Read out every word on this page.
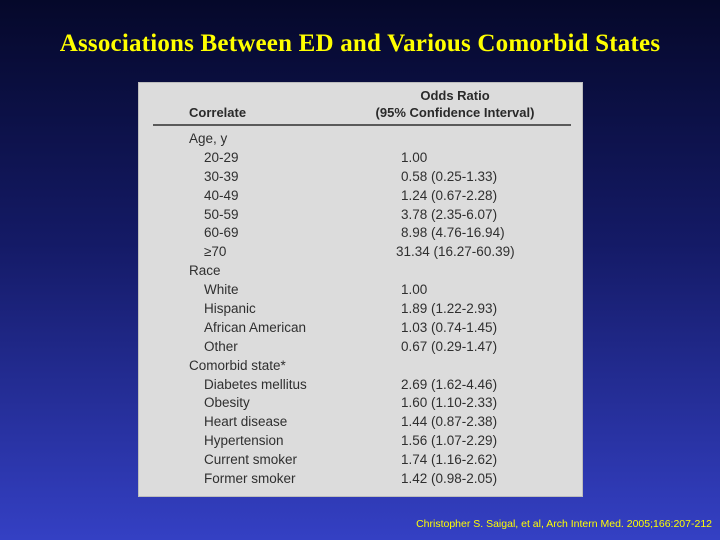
Associations Between ED and Various Comorbid States
Correlate
Odds Ratio
(95% Confidence Interval)
Age, y
20-29	1.00
30-39	0.58 (0.25-1.33)
40-49	1.24 (0.67-2.28)
50-59	3.78 (2.35-6.07)
60-69	8.98 (4.76-16.94)
≥70	31.34 (16.27-60.39)
Race
White	1.00
Hispanic	1.89 (1.22-2.93)
African American	1.03 (0.74-1.45)
Other	0.67 (0.29-1.47)
Comorbid state*
Diabetes mellitus	2.69 (1.62-4.46)
Obesity	1.60 (1.10-2.33)
Heart disease	1.44 (0.87-2.38)
Hypertension	1.56 (1.07-2.29)
Current smoker	1.74 (1.16-2.62)
Former smoker	1.42 (0.98-2.05)
Christopher S. Saigal, et al, Arch Intern Med. 2005;166:207-212
